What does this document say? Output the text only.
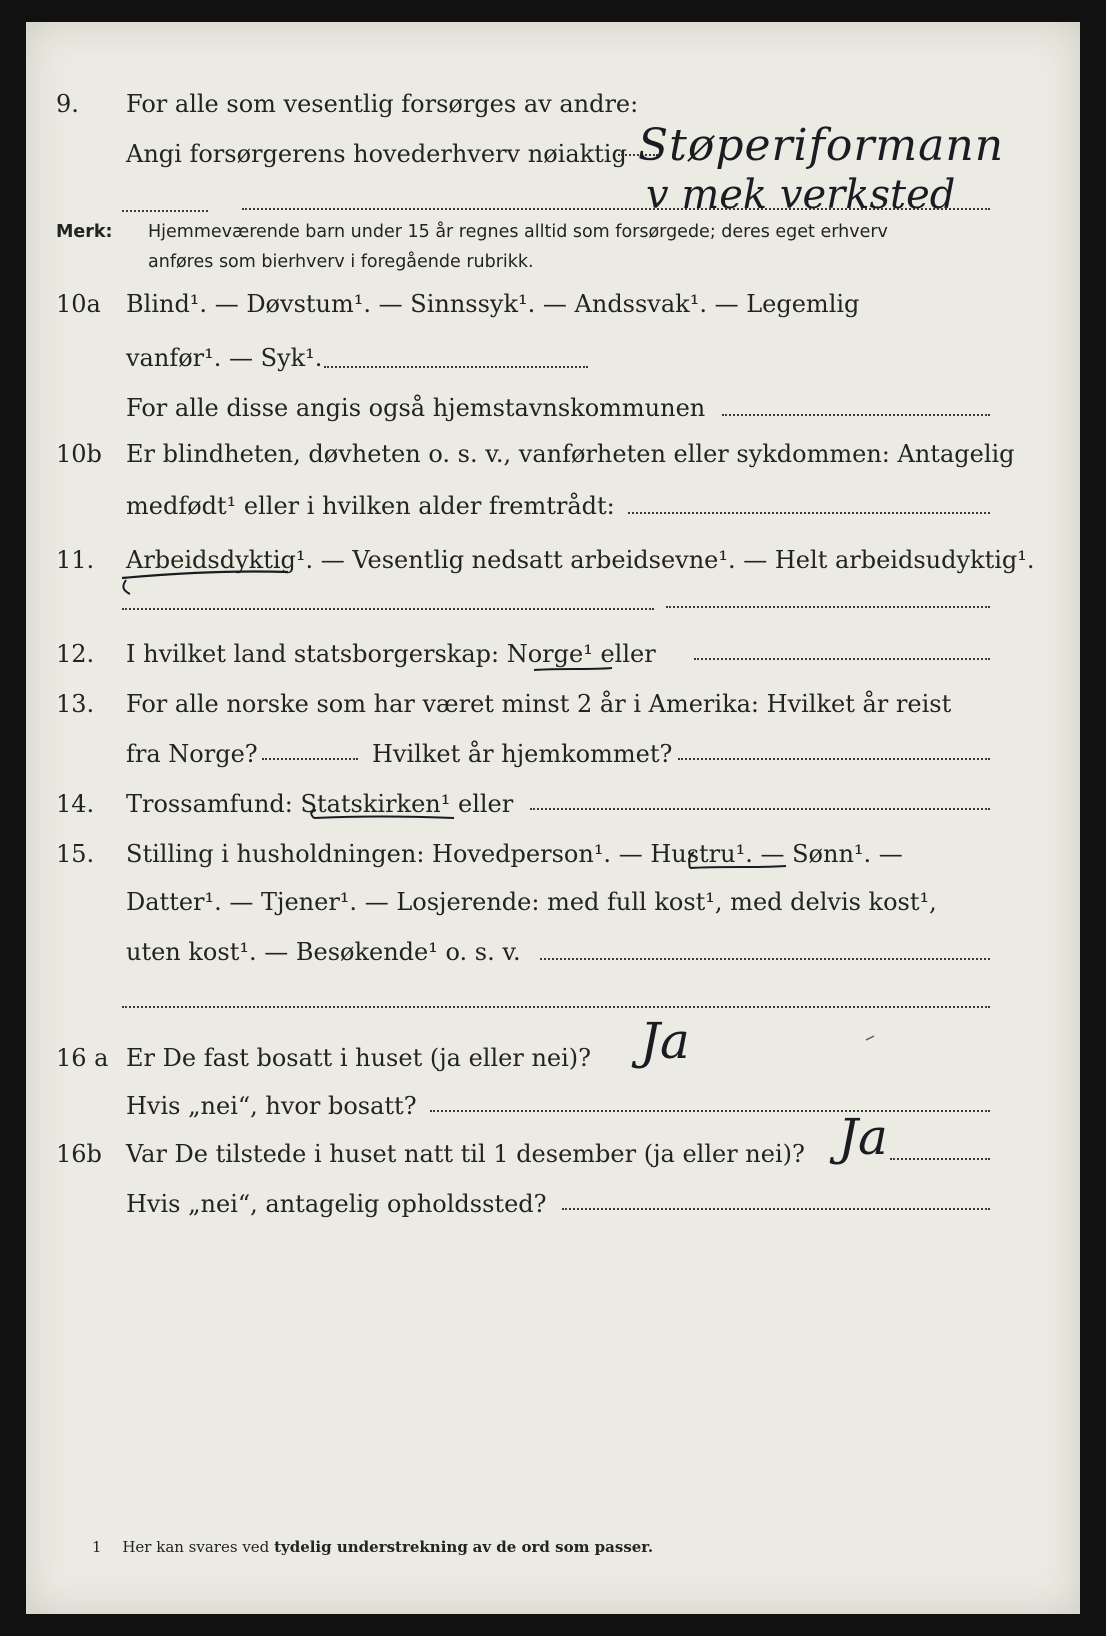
9. For alle som vesentlig forsørges av andre:
Angi forsørgerens hovederhverv nøiaktig Støperiformann
v mek verksted
Merk: Hjemmeværende barn under 15 år regnes alltid som forsørgede; deres eget erhverv
anføres som bierhverv i foregående rubrikk.
10a Blind¹. — Døvstum¹. — Sinnssyk¹. — Andssvak¹. — Legemlig
vanfør¹. — Syk¹.
For alle disse angis også hjemstavnskommunen
10b Er blindheten, døvheten o. s. v., vanførheten eller sykdommen: Antagelig
medfødt¹ eller i hvilken alder fremtrådt:
11. Arbeidsdyktig¹. — Vesentlig nedsatt arbeidsevne¹. — Helt arbeidsudyktig¹.
12. I hvilket land statsborgerskap: Norge¹ eller
13. For alle norske som har været minst 2 år i Amerika: Hvilket år reist
fra Norge?	Hvilket år hjemkommet?
14. Trossamfund: Statskirken¹ eller
15. Stilling i husholdningen: Hovedperson¹. — Hustru¹. — Sønn¹. —
Datter¹. — Tjener¹. — Losjerende: med full kost¹, med delvis kost¹,
uten kost¹. — Besøkende¹ o. s. v.
16 a Er De fast bosatt i huset (ja eller nei)? Ja
Hvis „nei“, hvor bosatt?
16b Var De tilstede i huset natt til 1 desember (ja eller nei)? Ja
Hvis „nei“, antagelig opholdssted?
1 Her kan svares ved tydelig understrekning av de ord som passer.
